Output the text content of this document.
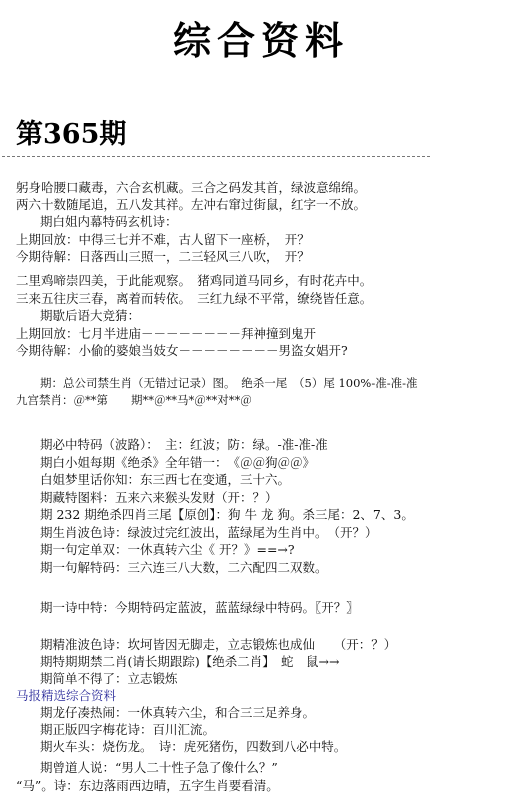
综合资料
第365期
躬身哈腰口藏毒，六合玄机藏。三合之码发其首，绿波意绵绵。
两六十数随尾追，五八发其祥。左冲右窜过街鼠，红字一不放。
期白姐内幕特码玄机诗：
上期回放：中得三七并不难，古人留下一座桥，　开？
今期待解：日落西山三照一，二三轻风三八吹，　开？
二里鸡啼崇四美，于此能观察。　猪鸡同道马同乡，有时花卉中。
三来五往庆三春，离着而转依。　三红九绿不平常，缭绕皆任意。
期歇后语大竞猜：
上期回放：七月半进庙－－－－－－－－拜神撞到鬼开
今期待解：小偷的婆娘当妓女－－－－－－－－男盗女娼开?
期：总公司禁生肖（无错过记录）图。　绝杀一尾　（5）尾 100%-准-准-准
九宫禁肖：＠**第　　期**＠**马*＠**对**＠
期必中特码（波路）：　主：红波；防：绿。-准-准-准
期白小姐每期《绝杀》全年错一：　《＠＠狗＠＠》
白姐梦里话你知：东三西七在变通，三十六。
期藏特图料：五来六来猴头发财（开：？）
期 232 期绝杀四肖三尾【原创】：狗 牛 龙 狗。杀三尾：2、7、3。
期生肖波色诗：绿波过完红波出，蓝绿尾为生肖中。　（开？）
期一句定单双：一休真转六尘《 开？》==→?
期一句解特码：三六连三八大数，二六配四二双数。
期一诗中特：今期特码定蓝波，蓝蓝绿绿中特码。〖开？〗
期精准波色诗：坎坷皆因无脚走，立志锻炼也成仙　　（开：？）
期特期期禁二肖(请长期跟踪)【绝杀二肖】　蛇　鼠→→
期简单不得了：立志锻炼
马报精选综合资料
期龙仔凑热闹：一休真转六尘，和合三三足养身。
期正版四字梅花诗：百川汇流。
期火车头：烧伤龙。　诗：虎死猪伤，四数到八必中特。
期曾道人说：“男人二十性子急了像什么？”
“马”。诗：东边落雨西边晴，五字生肖要看清。
